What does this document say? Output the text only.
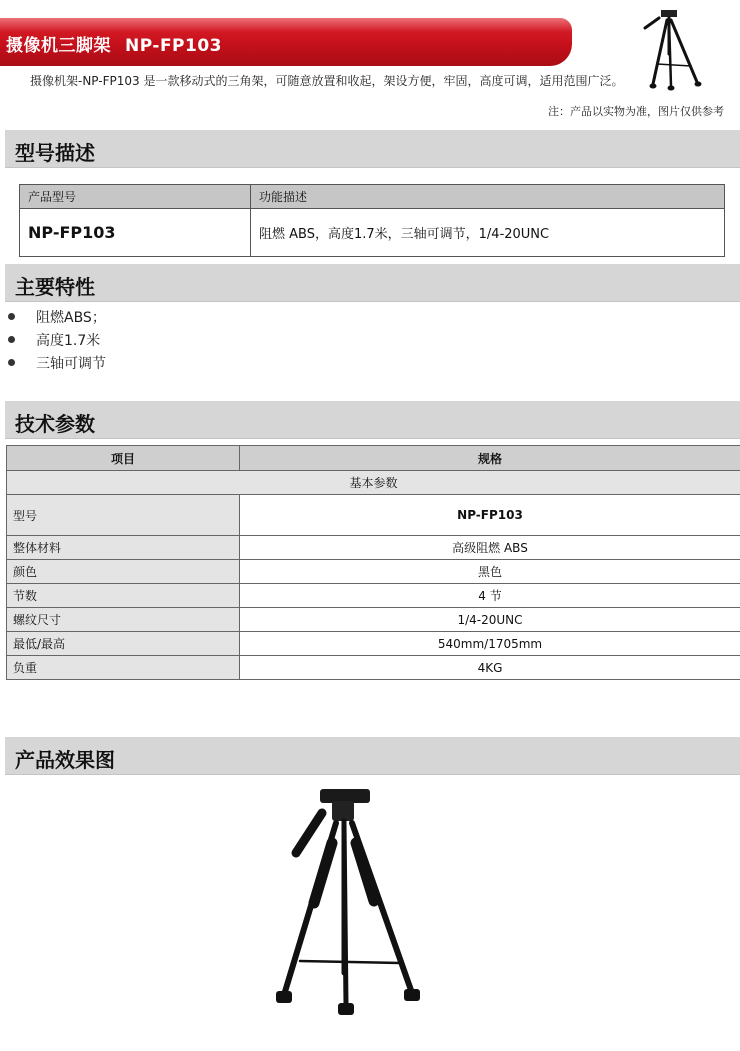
摄像机三脚架 NP-FP103
摄像机架-NP-FP103 是一款移动式的三角架，可随意放置和收起，架设方便，牢固，高度可调，适用范围广泛。
注：产品以实物为准，图片仅供参考
型号描述
产品型号	功能描述
NP-FP103	阻燃 ABS，高度1.7米，三轴可调节，1/4-20UNC
主要特性
阻燃ABS；
高度1.7米
三轴可调节
技术参数
项目	规格
基本参数	
型号	NP-FP103
整体材料	高级阻燃 ABS
颜色	黑色
节数	4 节
螺纹尺寸	1/4-20UNC
最低/最高	540mm/1705mm
负重	4KG
产品效果图
